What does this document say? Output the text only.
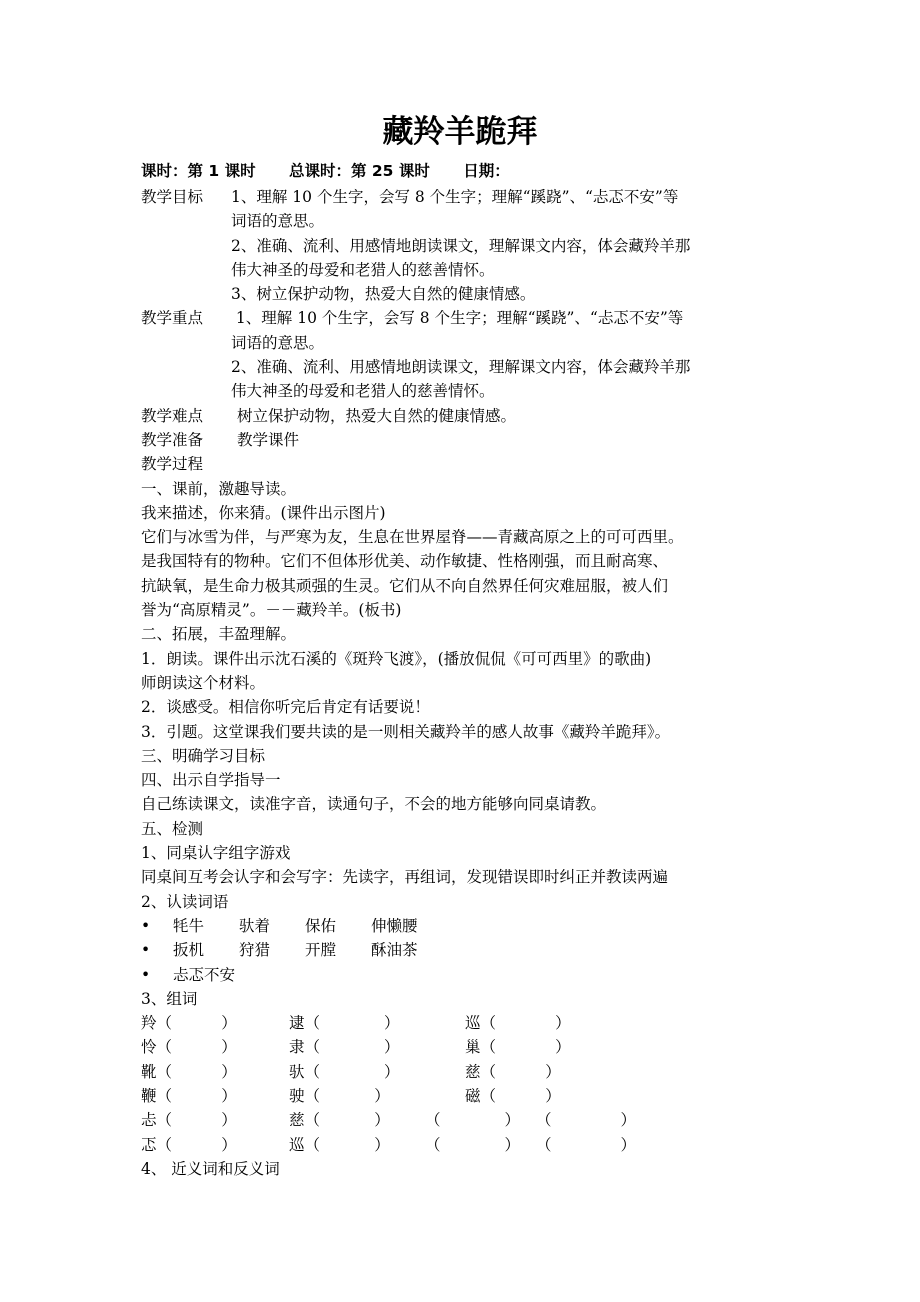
藏羚羊跪拜
课时：第 1 课时 总课时：第 25 课时 日期：
教学目标	1、理解 10 个生字，会写 8 个生字；理解“蹊跷”、“忐忑不安”等
词语的意思。
2、准确、流利、用感情地朗读课文，理解课文内容，体会藏羚羊那
伟大神圣的母爱和老猎人的慈善情怀。
3、树立保护动物，热爱大自然的健康情感。
教学重点	1、理解 10 个生字，会写 8 个生字；理解“蹊跷”、“忐忑不安”等
词语的意思。
2、准确、流利、用感情地朗读课文，理解课文内容，体会藏羚羊那
伟大神圣的母爱和老猎人的慈善情怀。
教学难点	树立保护动物，热爱大自然的健康情感。
教学准备	教学课件
教学过程
一、课前，激趣导读。
我来描述，你来猜。(课件出示图片)
它们与冰雪为伴，与严寒为友，生息在世界屋脊——青藏高原之上的可可西里。
是我国特有的物种。它们不但体形优美、动作敏捷、性格刚强，而且耐高寒、
抗缺氧，是生命力极其顽强的生灵。它们从不向自然界任何灾难屈服，被人们
誉为“高原精灵”。－－藏羚羊。(板书)
二、拓展，丰盈理解。
1．朗读。课件出示沈石溪的《斑羚飞渡》，(播放侃侃《可可西里》的歌曲)
师朗读这个材料。
2．谈感受。相信你听完后肯定有话要说！
3．引题。这堂课我们要共读的是一则相关藏羚羊的感人故事《藏羚羊跪拜》。
三、明确学习目标
四、出示自学指导一
自己练读课文，读准字音，读通句子，不会的地方能够向同桌请教。
五、检测
1、同桌认字组字游戏
同桌间互考会认字和会写字：先读字，再组词，发现错误即时纠正并教读两遍
2、认读词语
• 牦牛 驮着 保佑 伸懒腰
• 扳机 狩猎 开膛 酥油茶
• 忐忑不安
3、组词
羚（          ）	逮（             ）	巡（            ）
怜（          ）	隶（             ）	巢（            ）
靴（          ）	驮（             ）	慈（          ）
鞭（          ）	驶（           ）	磁（          ）
忐（          ）	慈（           ） （             ） （              ）
忑（          ）	巡（           ） （             ） （              ）
4、 近义词和反义词
